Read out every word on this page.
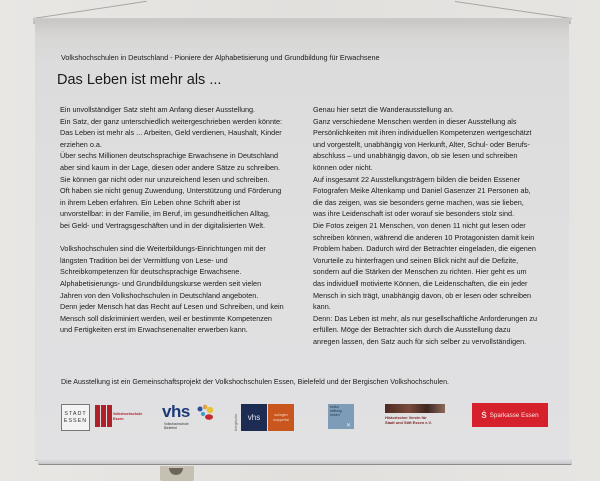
Volkshochschulen in Deutschland - Pioniere der Alphabetisierung und Grundbildung für Erwachsene
Das Leben ist mehr als ...

Ein unvollständiger Satz steht am Anfang dieser Ausstellung.

Ein Satz, der ganz unterschiedlich weitergeschrieben werden könnte:

Das Leben ist mehr als ... Arbeiten, Geld verdienen, Haushalt, Kinder

erziehen o.a.

Über sechs Millionen deutschsprachige Erwachsene in Deutschland

aber sind kaum in der Lage, diesen oder andere Sätze zu schreiben.

Sie können gar nicht oder nur unzureichend lesen und schreiben.

Oft haben sie nicht genug Zuwendung, Unterstützung und Förderung

in ihrem Leben erfahren. Ein Leben ohne Schrift aber ist

unvorstellbar: in der Familie, im Beruf, im gesundheitlichen Alltag,

bei Geld- und Vertragsgeschäften und in der digitalisierten Welt.

Volkshochschulen sind die Weiterbildungs-Einrichtungen mit der

längsten Tradition bei der Vermittlung von Lese- und

Schreibkompetenzen für deutschsprachige Erwachsene.

Alphabetisierungs- und Grundbildungskurse werden seit vielen

Jahren von den Volkshochschulen in Deutschland angeboten.

Denn jeder Mensch hat das Recht auf Lesen und Schreiben, und kein

Mensch soll diskriminiert werden, weil er bestimmte Kompetenzen

und Fertigkeiten erst im Erwachsenenalter erwerben kann.

Genau hier setzt die Wanderausstellung an.

Ganz verschiedene Menschen werden in dieser Ausstellung als

Persönlichkeiten mit ihren individuellen Kompetenzen wertgeschätzt

und vorgestellt, unabhängig von Herkunft, Alter, Schul- oder Berufs-

abschluss – und unabhängig davon, ob sie lesen und schreiben

können oder nicht.

Auf insgesamt 22 Ausstellungsträgern bilden die beiden Essener

Fotografen Meike Altenkamp und Daniel Gasenzer 21 Personen ab,

die das zeigen, was sie besonders gerne machen, was sie lieben,

was ihre Leidenschaft ist oder worauf sie besonders stolz sind.

Die Fotos zeigen 21 Menschen, von denen 11 nicht gut lesen oder

schreiben können, während die anderen 10 Protagonisten damit kein

Problem haben. Dadurch wird der Betrachter eingeladen, die eigenen

Vorurteile zu hinterfragen und seinen Blick nicht auf die Defizite,

sondern auf die Stärken der Menschen zu richten. Hier geht es um

das individuell motivierte Können, die Leidenschaften, die ein jeder

Mensch in sich trägt, unabhängig davon, ob er lesen oder schreiben

kann.

Denn: Das Leben ist mehr, als nur gesellschaftliche Anforderungen zu

erfüllen. Möge der Betrachter sich durch die Ausstellung dazu

anregen lassen, den Satz auch für sich selber zu vervollständigen.

Die Ausstellung ist ein Gemeinschaftsprojekt der Volkshochschulen Essen, Bielefeld und der Bergischen Volkshochschulen.
STADT
ESSEN
Volkshochschule
Essen	vhs
Volkshochschule
Bielefeld	bergische	vhs	solingen
wuppertal
kultur
stiftung
essen
✕
Historischer Verein für
Stadt und Stift Essen e.V.
Ṡ Sparkasse Essen
